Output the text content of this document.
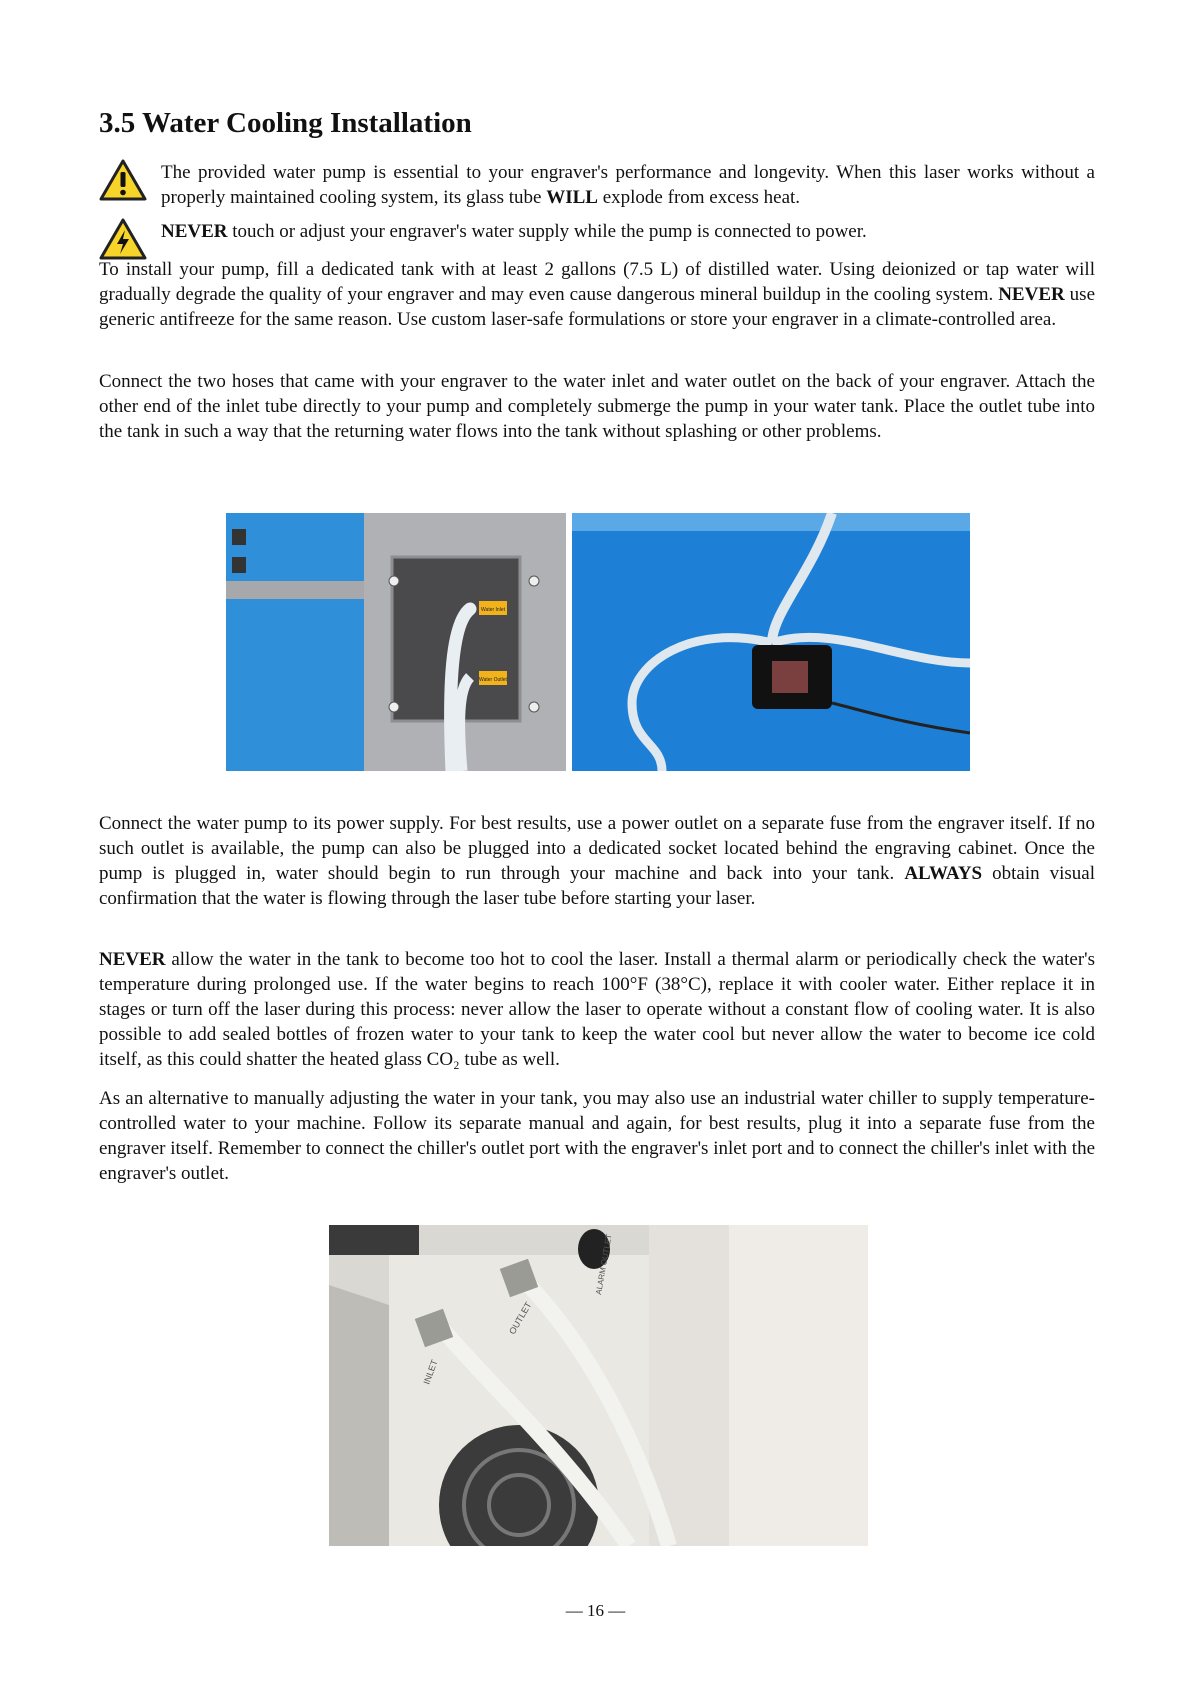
3.5 Water Cooling Installation
The provided water pump is essential to your engraver's performance and longevity. When this laser works without a properly maintained cooling system, its glass tube WILL explode from excess heat.
NEVER touch or adjust your engraver's water supply while the pump is connected to power.

To install your pump, fill a dedicated tank with at least 2 gallons (7.5 L) of distilled water. Using deionized or tap water will gradually degrade the quality of your engraver and may even cause dangerous mineral buildup in the cooling system. NEVER use generic antifreeze for the same reason. Use custom laser-safe formulations or store your engraver in a climate-controlled area.

Connect the two hoses that came with your engraver to the water inlet and water outlet on the back of your engraver. Attach the other end of the inlet tube directly to your pump and completely submerge the pump in your water tank. Place the outlet tube into the tank in such a way that the returning water flows into the tank without splashing or other problems.

Water Inlet
Water Outlet

Connect the water pump to its power supply. For best results, use a power outlet on a separate fuse from the engraver itself. If no such outlet is available, the pump can also be plugged into a dedicated socket located behind the engraving cabinet. Once the pump is plugged in, water should begin to run through your machine and back into your tank. ALWAYS obtain visual confirmation that the water is flowing through the laser tube before starting your laser.

NEVER allow the water in the tank to become too hot to cool the laser. Install a thermal alarm or periodically check the water's temperature during prolonged use. If the water begins to reach 100°F (38°C), replace it with cooler water. Either replace it in stages or turn off the laser during this process: never allow the laser to operate without a constant flow of cooling water. It is also possible to add sealed bottles of frozen water to your tank to keep the water cool but never allow the water to become ice cold itself, as this could shatter the heated glass CO₂ tube as well.

As an alternative to manually adjusting the water in your tank, you may also use an industrial water chiller to supply temperature-controlled water to your machine. Follow its separate manual and again, for best results, plug it into a separate fuse from the engraver itself. Remember to connect the chiller's outlet port with the engraver's inlet port and to connect the chiller's inlet with the engraver's outlet.

INLET
OUTLET
ALARM OUTLET
— 16 —
